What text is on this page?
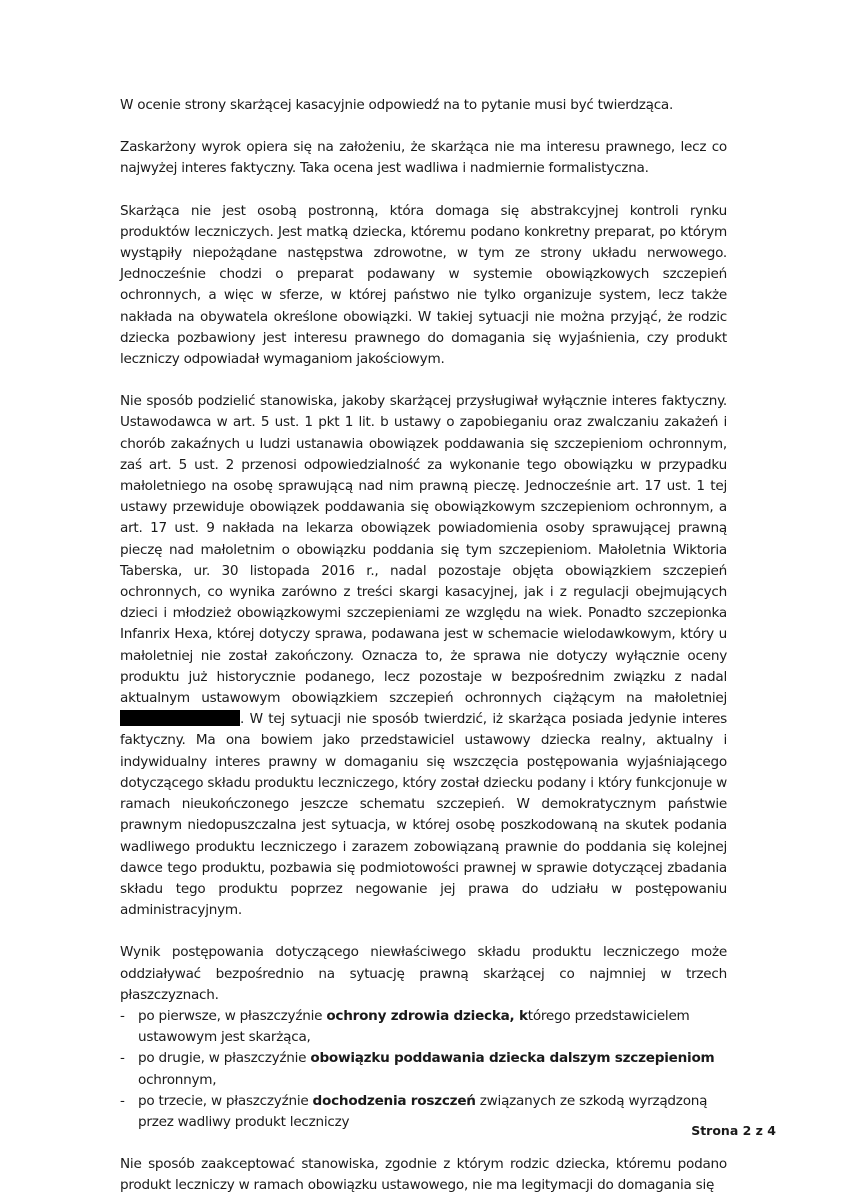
W ocenie strony skarżącej kasacyjnie odpowiedź na to pytanie musi być twierdząca.

Zaskarżony wyrok opiera się na założeniu, że skarżąca nie ma interesu prawnego, lecz co najwyżej interes faktyczny. Taka ocena jest wadliwa i nadmiernie formalistyczna.

Skarżąca nie jest osobą postronną, która domaga się abstrakcyjnej kontroli rynku produktów leczniczych. Jest matką dziecka, któremu podano konkretny preparat, po którym wystąpiły niepożądane następstwa zdrowotne, w tym ze strony układu nerwowego. Jednocześnie chodzi o preparat podawany w systemie obowiązkowych szczepień ochronnych, a więc w sferze, w której państwo nie tylko organizuje system, lecz także nakłada na obywatela określone obowiązki. W takiej sytuacji nie można przyjąć, że rodzic dziecka pozbawiony jest interesu prawnego do domagania się wyjaśnienia, czy produkt leczniczy odpowiadał wymaganiom jakościowym.

Nie sposób podzielić stanowiska, jakoby skarżącej przysługiwał wyłącznie interes faktyczny. Ustawodawca w art. 5 ust. 1 pkt 1 lit. b ustawy o zapobieganiu oraz zwalczaniu zakażeń i chorób zakaźnych u ludzi ustanawia obowiązek poddawania się szczepieniom ochronnym, zaś art. 5 ust. 2 przenosi odpowiedzialność za wykonanie tego obowiązku w przypadku małoletniego na osobę sprawującą nad nim prawną pieczę. Jednocześnie art. 17 ust. 1 tej ustawy przewiduje obowiązek poddawania się obowiązkowym szczepieniom ochronnym, a art. 17 ust. 9 nakłada na lekarza obowiązek powiadomienia osoby sprawującej prawną pieczę nad małoletnim o obowiązku poddania się tym szczepieniom. Małoletnia Wiktoria Taberska, ur. 30 listopada 2016 r., nadal pozostaje objęta obowiązkiem szczepień ochronnych, co wynika zarówno z treści skargi kasacyjnej, jak i z regulacji obejmujących dzieci i młodzież obowiązkowymi szczepieniami ze względu na wiek. Ponadto szczepionka Infanrix Hexa, której dotyczy sprawa, podawana jest w schemacie wielodawkowym, który u małoletniej nie został zakończony. Oznacza to, że sprawa nie dotyczy wyłącznie oceny produktu już historycznie podanego, lecz pozostaje w bezpośrednim związku z nadal aktualnym ustawowym obowiązkiem szczepień ochronnych ciążącym na małoletniej . W tej sytuacji nie sposób twierdzić, iż skarżąca posiada jedynie interes faktyczny. Ma ona bowiem jako przedstawiciel ustawowy dziecka realny, aktualny i indywidualny interes prawny w domaganiu się wszczęcia postępowania wyjaśniającego dotyczącego składu produktu leczniczego, który został dziecku podany i który funkcjonuje w ramach nieukończonego jeszcze schematu szczepień. W demokratycznym państwie prawnym niedopuszczalna jest sytuacja, w której osobę poszkodowaną na skutek podania wadliwego produktu leczniczego i zarazem zobowiązaną prawnie do poddania się kolejnej dawce tego produktu, pozbawia się podmiotowości prawnej w sprawie dotyczącej zbadania składu tego produktu poprzez negowanie jej prawa do udziału w postępowaniu administracyjnym.

Wynik postępowania dotyczącego niewłaściwego składu produktu leczniczego może oddziaływać bezpośrednio na sytuację prawną skarżącej co najmniej w trzech płaszczyznach.

- po pierwsze, w płaszczyźnie ochrony zdrowia dziecka, którego przedstawicielem ustawowym jest skarżąca,
- po drugie, w płaszczyźnie obowiązku poddawania dziecka dalszym szczepieniom ochronnym,
- po trzecie, w płaszczyźnie dochodzenia roszczeń związanych ze szkodą wyrządzoną przez wadliwy produkt leczniczy

Nie sposób zaakceptować stanowiska, zgodnie z którym rodzic dziecka, któremu podano produkt leczniczy w ramach obowiązku ustawowego, nie ma legitymacji do domagania się

Strona 2 z 4
